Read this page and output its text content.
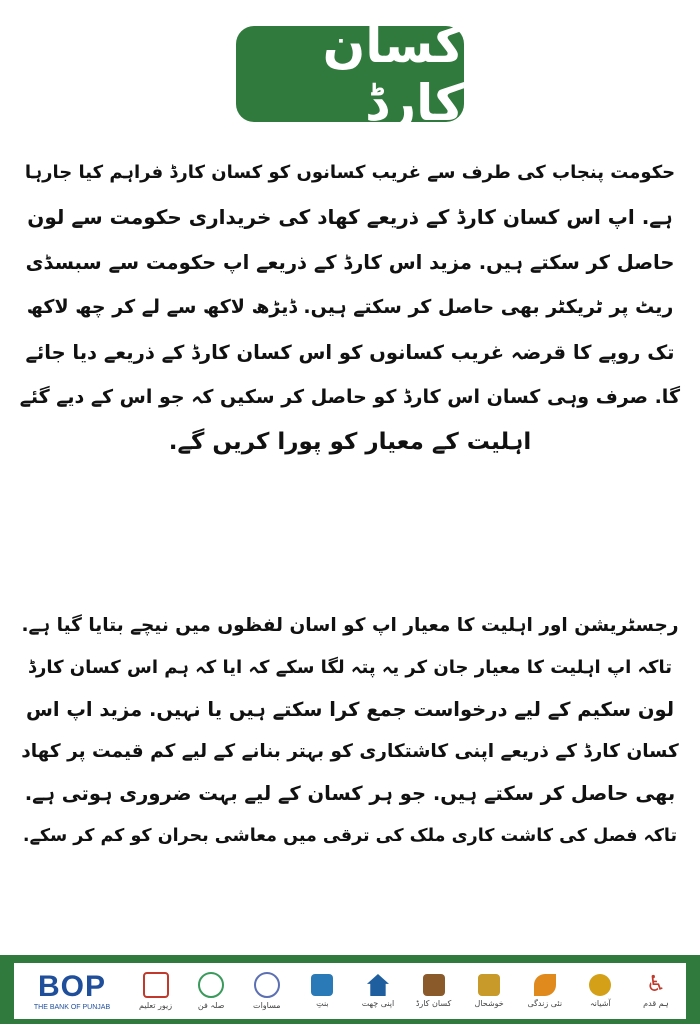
کسان کارڈ
حکومت پنجاب کی طرف سے غریب کسانوں کو کسان کارڈ فراہم کیا جارہا
ہے. اپ اس کسان کارڈ کے ذریعے کھاد کی خریداری حکومت سے لون
حاصل کر سکتے ہیں. مزید اس کارڈ کے ذریعے اپ حکومت سے سبسڈی
ریٹ پر ٹریکٹر بھی حاصل کر سکتے ہیں. ڈیڑھ لاکھ سے لے کر چھ لاکھ
تک روپے کا قرضہ غریب کسانوں کو اس کسان کارڈ کے ذریعے دیا جائے
گا. صرف وہی کسان اس کارڈ کو حاصل کر سکیں کہ جو اس کے دیے گئے
اہلیت کے معیار کو پورا کریں گے.
رجسٹریشن اور اہلیت کا معیار اپ کو اسان لفظوں میں نیچے بتایا گیا ہے.
تاکہ اپ اہلیت کا معیار جان کر یہ پتہ لگا سکے کہ ایا کہ ہم اس کسان کارڈ
لون سکیم کے لیے درخواست جمع کرا سکتے ہیں یا نہیں. مزید اپ اس
کسان کارڈ کے ذریعے اپنی کاشتکاری کو بہتر بنانے کے لیے کم قیمت پر کھاد
بھی حاصل کر سکتے ہیں. جو ہر کسان کے لیے بہت ضروری ہوتی ہے.
تاکہ فصل کی کاشت کاری ملک کی ترقی میں معاشی بحران کو کم کر سکے.
BOP
THE BANK OF PUNJAB	زیور تعلیم	صلہ فن	مساوات	بنتِ	اپنی چھت	کسان کارڈ	خوشحال	نئی زندگی	آشیانہ
♿
ہم قدم
